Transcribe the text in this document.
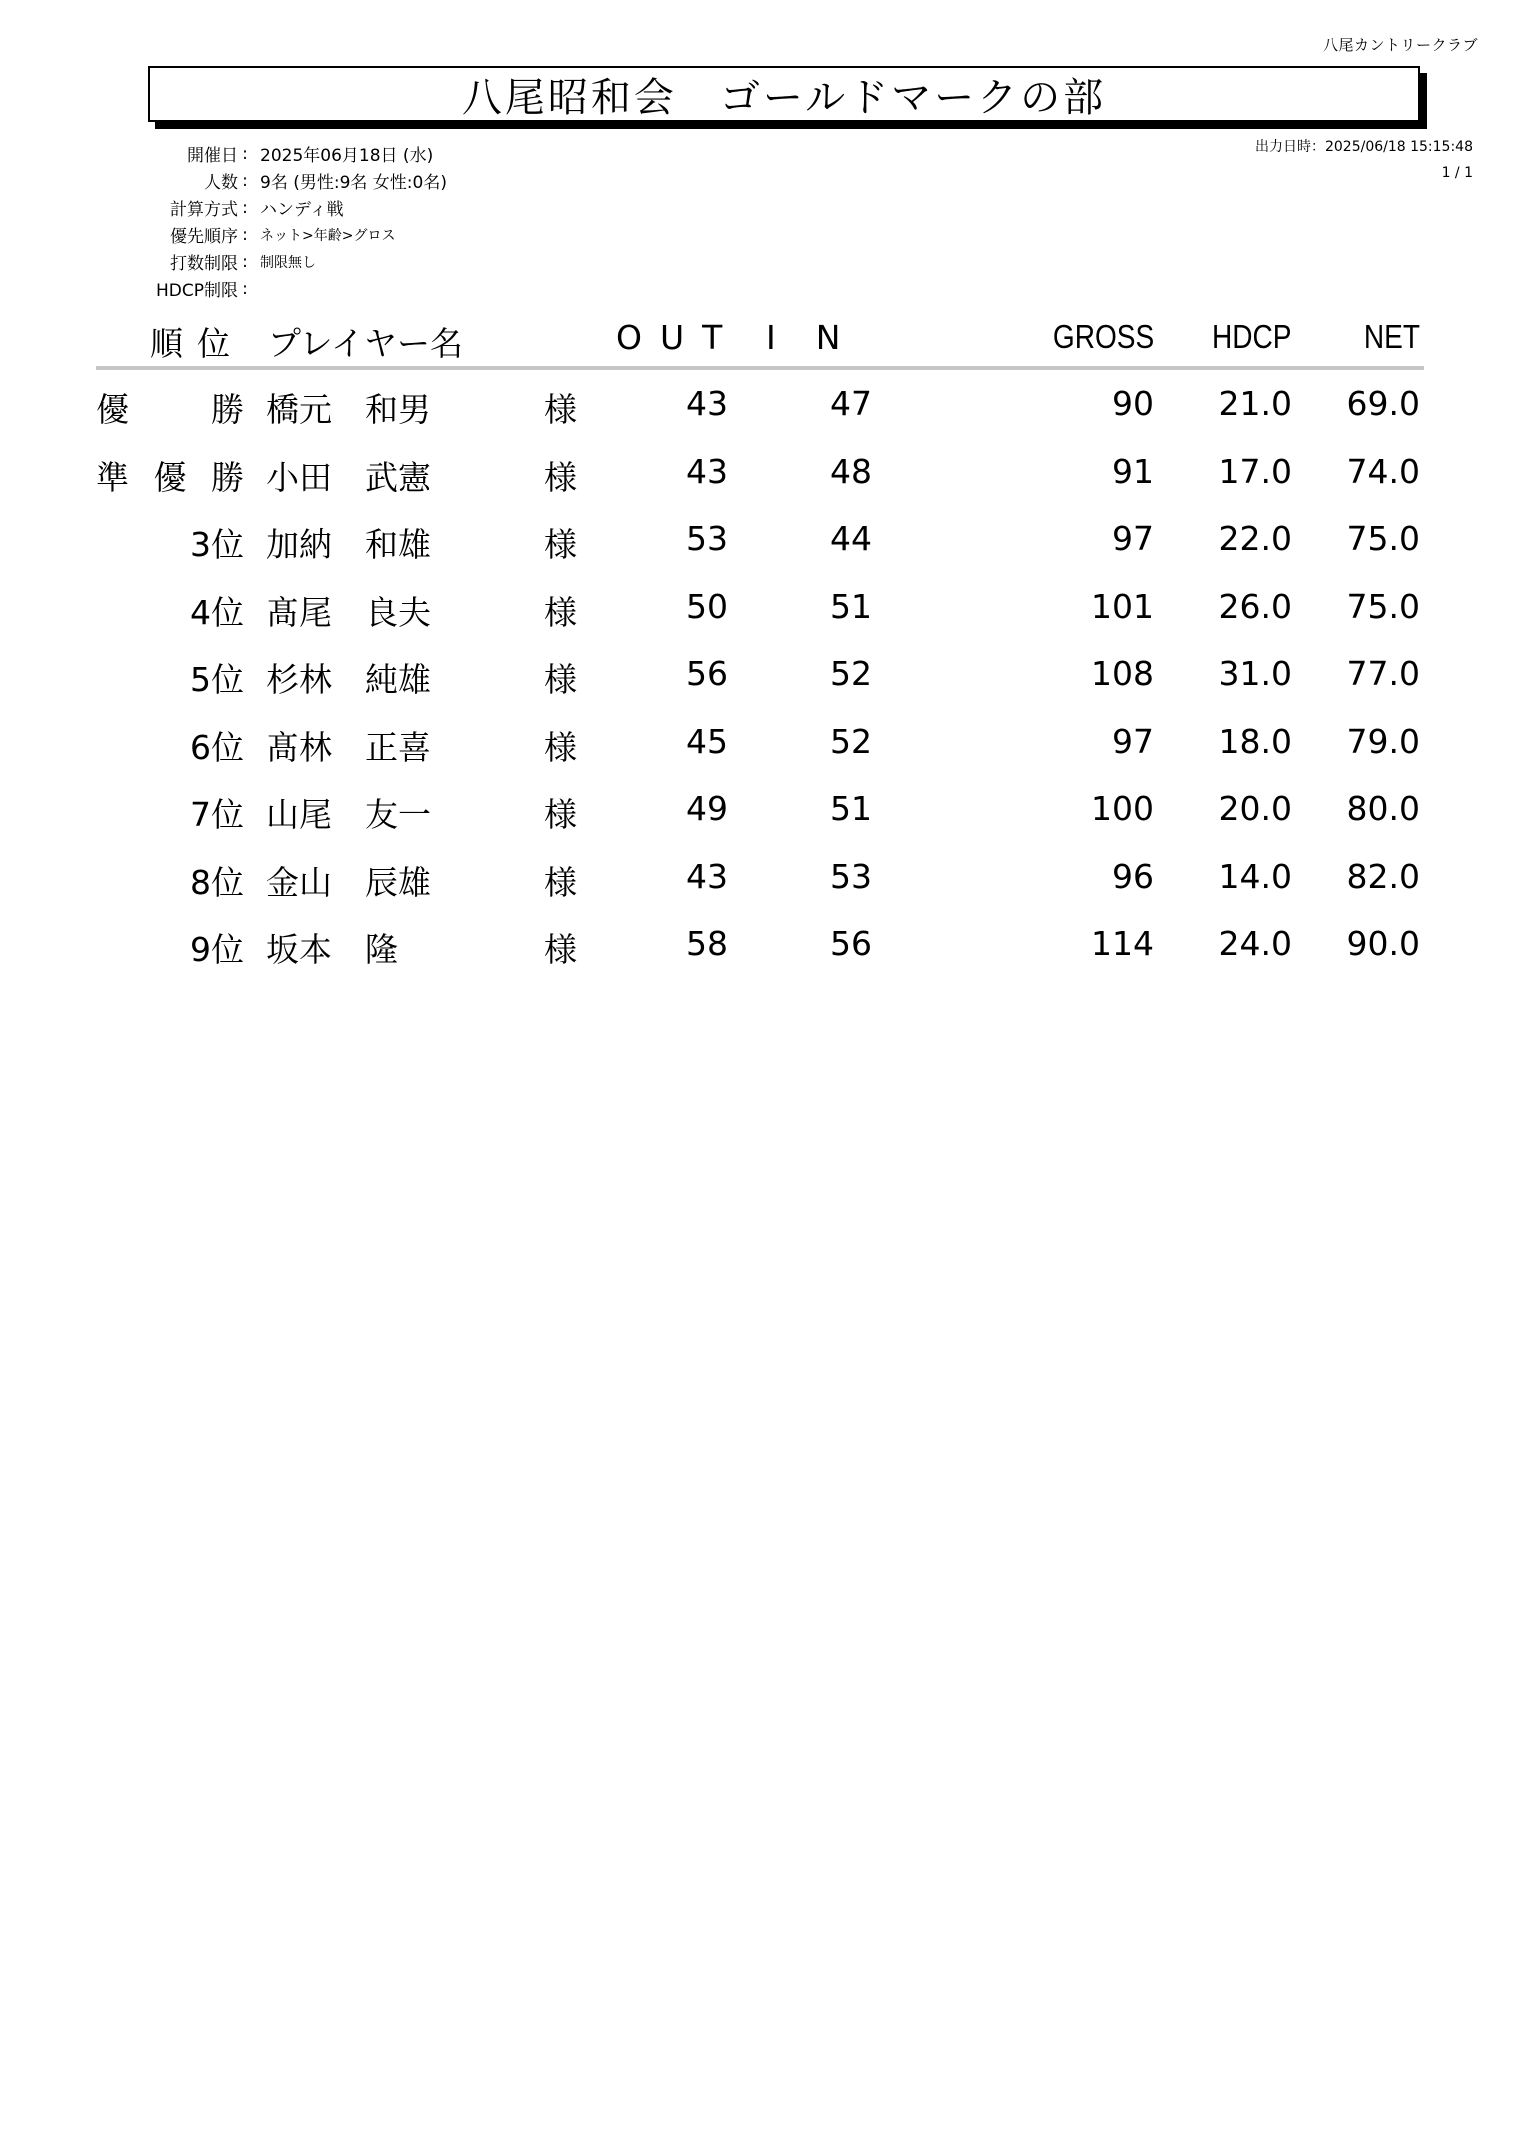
八尾カントリークラブ
八尾昭和会　ゴールドマークの部
開催日 : 2025年06月18日 (水)
人数 : 9名 (男性:9名 女性:0名)
計算方式 : ハンディ戦
優先順序 : ネット>年齢>グロス
打数制限 : 制限無し
HDCP制限 :
出力日時：2025/06/18 15:15:48
1 / 1
順位 プレイヤー名	OUT IN	GROSS HDCP NET
優勝 橋元　和男	様	43	47	90	21.0	69.0
準優勝 小田　武憲	様	43	48	91	17.0	74.0
3位 加納　和雄	様	53	44	97	22.0	75.0
4位 髙尾　良夫	様	50	51	101	26.0	75.0
5位 杉林　純雄	様	56	52	108	31.0	77.0
6位 髙林　正喜	様	45	52	97	18.0	79.0
7位 山尾　友一	様	49	51	100	20.0	80.0
8位 金山　辰雄	様	43	53	96	14.0	82.0
9位 坂本　隆	様	58	56	114	24.0	90.0
